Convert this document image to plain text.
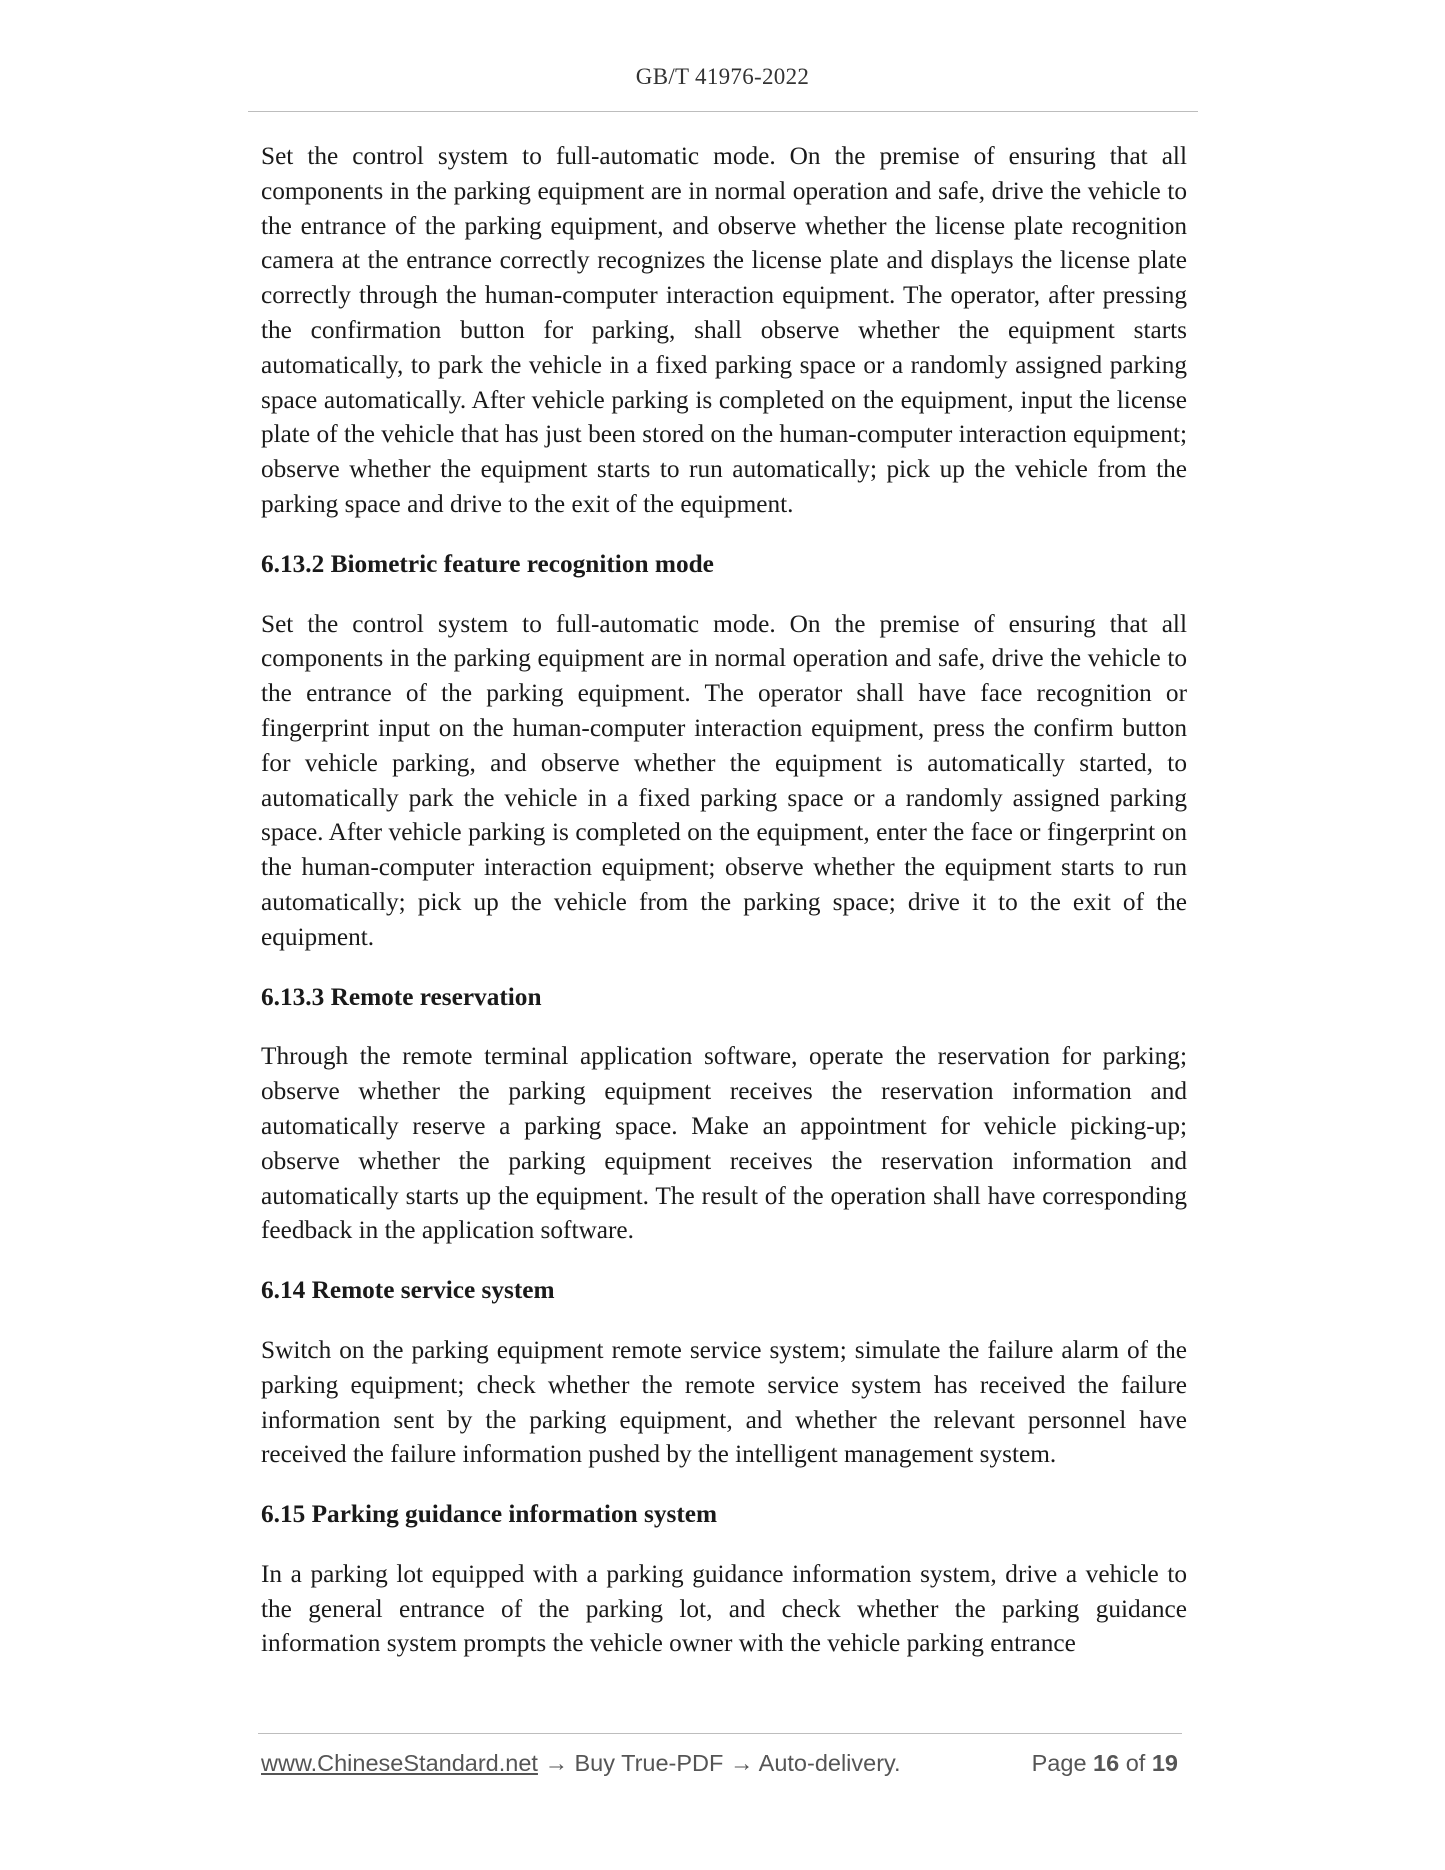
GB/T 41976-2022

Set the control system to full-automatic mode. On the premise of ensuring that all components in the parking equipment are in normal operation and safe, drive the vehicle to the entrance of the parking equipment, and observe whether the license plate recognition camera at the entrance correctly recognizes the license plate and displays the license plate correctly through the human-computer interaction equipment. The operator, after pressing the confirmation button for parking, shall observe whether the equipment starts automatically, to park the vehicle in a fixed parking space or a randomly assigned parking space automatically. After vehicle parking is completed on the equipment, input the license plate of the vehicle that has just been stored on the human-computer interaction equipment; observe whether the equipment starts to run automatically; pick up the vehicle from the parking space and drive to the exit of the equipment.

6.13.2 Biometric feature recognition mode

Set the control system to full-automatic mode. On the premise of ensuring that all components in the parking equipment are in normal operation and safe, drive the vehicle to the entrance of the parking equipment. The operator shall have face recognition or fingerprint input on the human-computer interaction equipment, press the confirm button for vehicle parking, and observe whether the equipment is automatically started, to automatically park the vehicle in a fixed parking space or a randomly assigned parking space. After vehicle parking is completed on the equipment, enter the face or fingerprint on the human-computer interaction equipment; observe whether the equipment starts to run automatically; pick up the vehicle from the parking space; drive it to the exit of the equipment.

6.13.3 Remote reservation

Through the remote terminal application software, operate the reservation for parking; observe whether the parking equipment receives the reservation information and automatically reserve a parking space. Make an appointment for vehicle picking-up; observe whether the parking equipment receives the reservation information and automatically starts up the equipment. The result of the operation shall have corresponding feedback in the application software.

6.14 Remote service system

Switch on the parking equipment remote service system; simulate the failure alarm of the parking equipment; check whether the remote service system has received the failure information sent by the parking equipment, and whether the relevant personnel have received the failure information pushed by the intelligent management system.

6.15 Parking guidance information system

In a parking lot equipped with a parking guidance information system, drive a vehicle to the general entrance of the parking lot, and check whether the parking guidance information system prompts the vehicle owner with the vehicle parking entrance

www.ChineseStandard.net → Buy True-PDF → Auto-delivery.	Page 16 of 19
